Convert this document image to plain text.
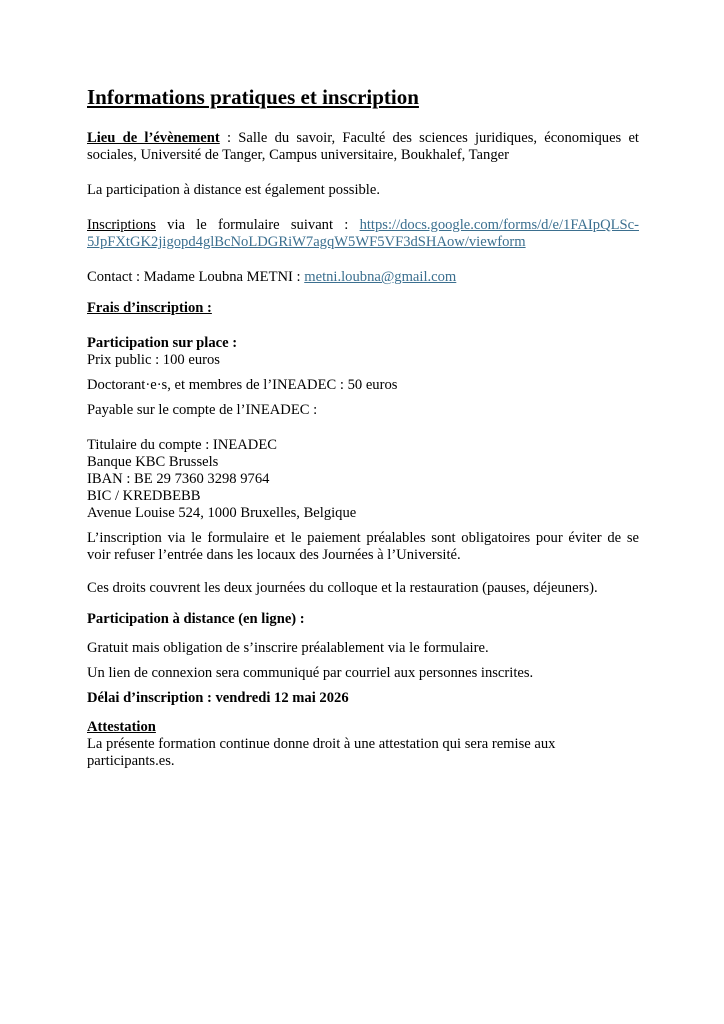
Informations pratiques et inscription

Lieu de l’évènement : Salle du savoir, Faculté des sciences juridiques, économiques et sociales, Université de Tanger, Campus universitaire, Boukhalef, Tanger

La participation à distance est également possible.

Inscriptions via le formulaire suivant : https://docs.google.com/forms/d/e/1FAIpQLSc-

5JpFXtGK2jigopd4glBcNoLDGRiW7agqW5WF5VF3dSHAow/viewform

Contact : Madame Loubna METNI : metni.loubna@gmail.com

Frais d’inscription :

Participation sur place :

Prix public : 100 euros

Doctorant·e·s, et membres de l’INEADEC : 50 euros

Payable sur le compte de l’INEADEC :

Titulaire du compte : INEADEC

Banque KBC Brussels

IBAN : BE 29 7360 3298 9764

BIC / KREDBEBB

Avenue Louise 524, 1000 Bruxelles, Belgique

L’inscription via le formulaire et le paiement préalables sont obligatoires pour éviter de se voir refuser l’entrée dans les locaux des Journées à l’Université.

Ces droits couvrent les deux journées du colloque et la restauration (pauses, déjeuners).

Participation à distance (en ligne) :

Gratuit mais obligation de s’inscrire préalablement via le formulaire.

Un lien de connexion sera communiqué par courriel aux personnes inscrites.

Délai d’inscription : vendredi 12 mai 2026

Attestation

La présente formation continue donne droit à une attestation qui sera remise aux participants.es.
